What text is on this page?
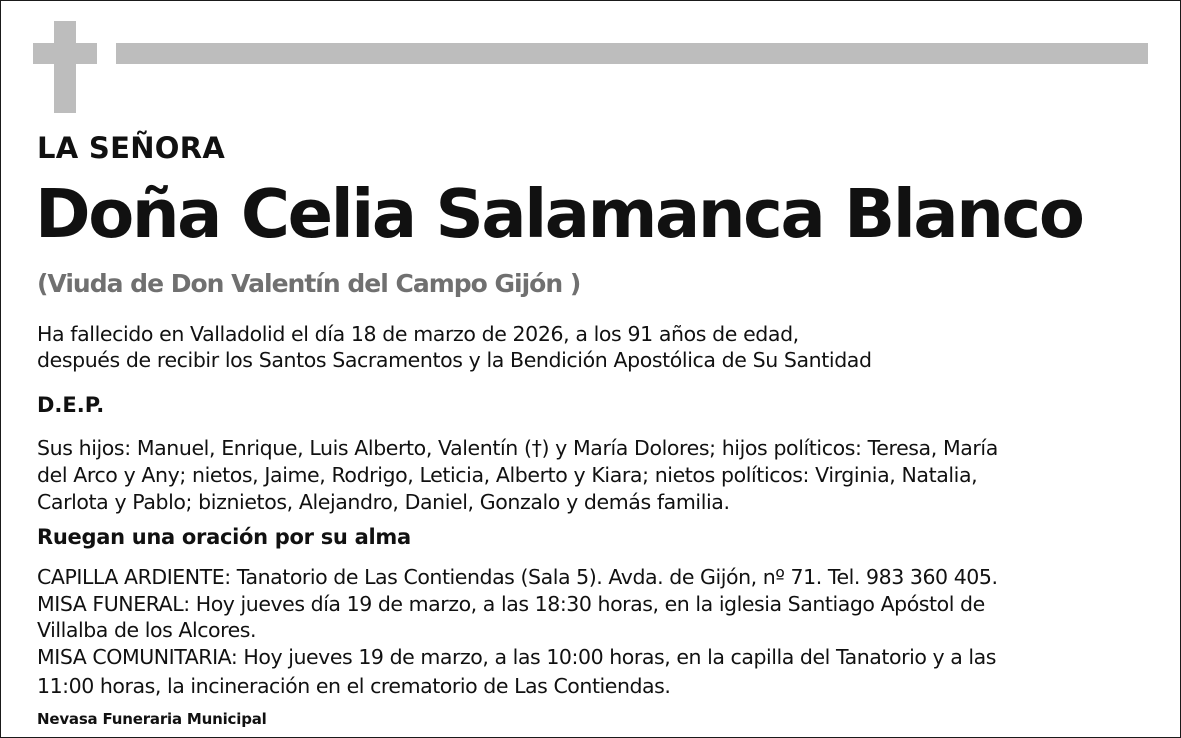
LA SEÑORA
Doña Celia Salamanca Blanco
(Viuda de Don Valentín del Campo Gijón )
Ha fallecido en Valladolid el día 18 de marzo de 2026, a los 91 años de edad,
después de recibir los Santos Sacramentos y la Bendición Apostólica de Su Santidad
D.E.P.
Sus hijos: Manuel, Enrique, Luis Alberto, Valentín (†) y María Dolores; hijos políticos: Teresa, María
del Arco y Any; nietos, Jaime, Rodrigo, Leticia, Alberto y Kiara; nietos políticos: Virginia, Natalia,
Carlota y Pablo; biznietos, Alejandro, Daniel, Gonzalo y demás familia.
Ruegan una oración por su alma
CAPILLA ARDIENTE: Tanatorio de Las Contiendas (Sala 5). Avda. de Gijón, nº 71. Tel. 983 360 405.
MISA FUNERAL: Hoy jueves día 19 de marzo, a las 18:30 horas, en la iglesia Santiago Apóstol de
Villalba de los Alcores.
MISA COMUNITARIA: Hoy jueves 19 de marzo, a las 10:00 horas, en la capilla del Tanatorio y a las
11:00 horas, la incineración en el crematorio de Las Contiendas.
Nevasa Funeraria Municipal
